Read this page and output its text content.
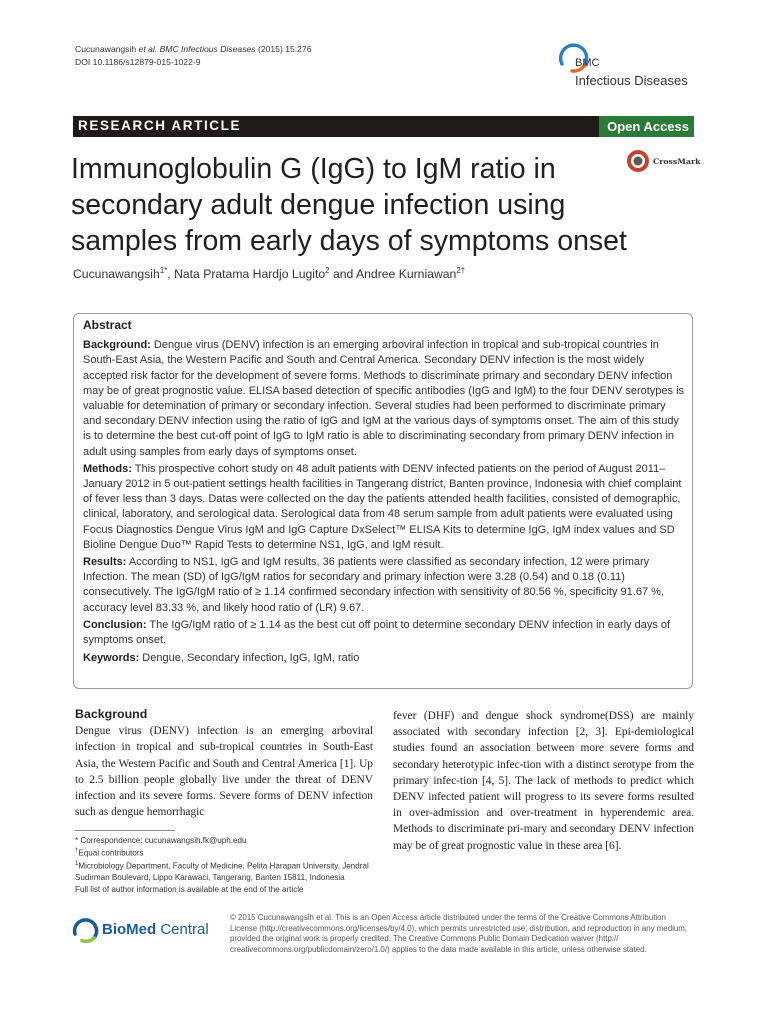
Cucunawangsih et al. BMC Infectious Diseases (2015) 15:276
DOI 10.1186/s12879-015-1022-9	BMC
Infectious Diseases
RESEARCH ARTICLE	Open Access
CrossMark
Immunoglobulin G (IgG) to IgM ratio in secondary adult dengue infection using samples from early days of symptoms onset
Cucunawangsih$^{1*}$, Nata Pratama Hardjo Lugito$^2$ and Andree Kurniawan$^{2\dagger}$
Abstract

Background: Dengue virus (DENV) infection is an emerging arboviral infection in tropical and sub-tropical countries in South-East Asia, the Western Pacific and South and Central America. Secondary DENV infection is the most widely accepted risk factor for the development of severe forms. Methods to discriminate primary and secondary DENV infection may be of great prognostic value. ELISA based detection of specific antibodies (IgG and IgM) to the four DENV serotypes is valuable for detemination of primary or secondary infection. Several studies had been performed to discriminate primary and secondary DENV infection using the ratio of IgG and IgM at the various days of symptoms onset. The aim of this study is to determine the best cut-off point of IgG to IgM ratio is able to discriminating secondary from primary DENV infection in adult using samples from early days of symptoms onset.

Methods: This prospective cohort study on 48 adult patients with DENV infected patients on the period of August 2011–January 2012 in 5 out-patient settings health facilities in Tangerang district, Banten province, Indonesia with chief complaint of fever less than 3 days. Datas were collected on the day the patients attended health facilities, consisted of demographic, clinical, laboratory, and serological data. Serological data from 48 serum sample from adult patients were evaluated using Focus Diagnostics Dengue Virus IgM and IgG Capture DxSelect™ ELISA Kits to determine IgG, IgM index values and SD Bioline Dengue Duo™ Rapid Tests to determine NS1, IgG, and IgM result.

Results: According to NS1, IgG and IgM results, 36 patients were classified as secondary infection, 12 were primary Infection. The mean (SD) of IgG/IgM ratios for secondary and primary infection were 3.28 (0.54) and 0.18 (0.11) consecutively. The IgG/IgM ratio of ≥ 1.14 confirmed secondary infection with sensitivity of 80.56 %, specificity 91.67 %, accuracy level 83.33 %, and likely hood ratio of (LR) 9.67.

Conclusion: The IgG/IgM ratio of ≥ 1.14 as the best cut off point to determine secondary DENV infection in early days of symptoms onset.

Keywords: Dengue, Secondary infection, IgG, IgM, ratio

Background

Dengue virus (DENV) infection is an emerging arboviral infection in tropical and sub-tropical countries in South-East Asia, the Western Pacific and South and Central America [1]. Up to 2.5 billion people globally live under the threat of DENV infection and its severe forms. Severe forms of DENV infection such as dengue hemorrhagic

fever (DHF) and dengue shock syndrome(DSS) are mainly associated with secondary infection [2, 3]. Epi-demiological studies found an association between more severe forms and secondary heterotypic infec-tion with a distinct serotype from the primary infec-tion [4, 5]. The lack of methods to predict which DENV infected patient will progress to its severe forms resulted in over-admission and over-treatment in hyperendemic area. Methods to discriminate pri-mary and secondary DENV infection may be of great prognostic value in these area [6].

* Correspondence: cucunawangsih.fk@uph.edu

†Equal contributors

$^1$Microbiology Department, Faculty of Medicine, Pelita Harapan University, Jendral Sudirman Boulevard, Lippo Karawaci, Tangerang, Banten 15811, Indonesia

Full list of author information is available at the end of the article

BioMed Central
© 2015 Cucunawangsih et al. This is an Open Access article distributed under the terms of the Creative Commons Attribution License (http://creativecommons.org/licenses/by/4.0), which permits unrestricted use, distribution, and reproduction in any medium, provided the original work is properly credited. The Creative Commons Public Domain Dedication waiver (http:// creativecommons.org/publicdomain/zero/1.0/) applies to the data made available in this article, unless otherwise stated.
